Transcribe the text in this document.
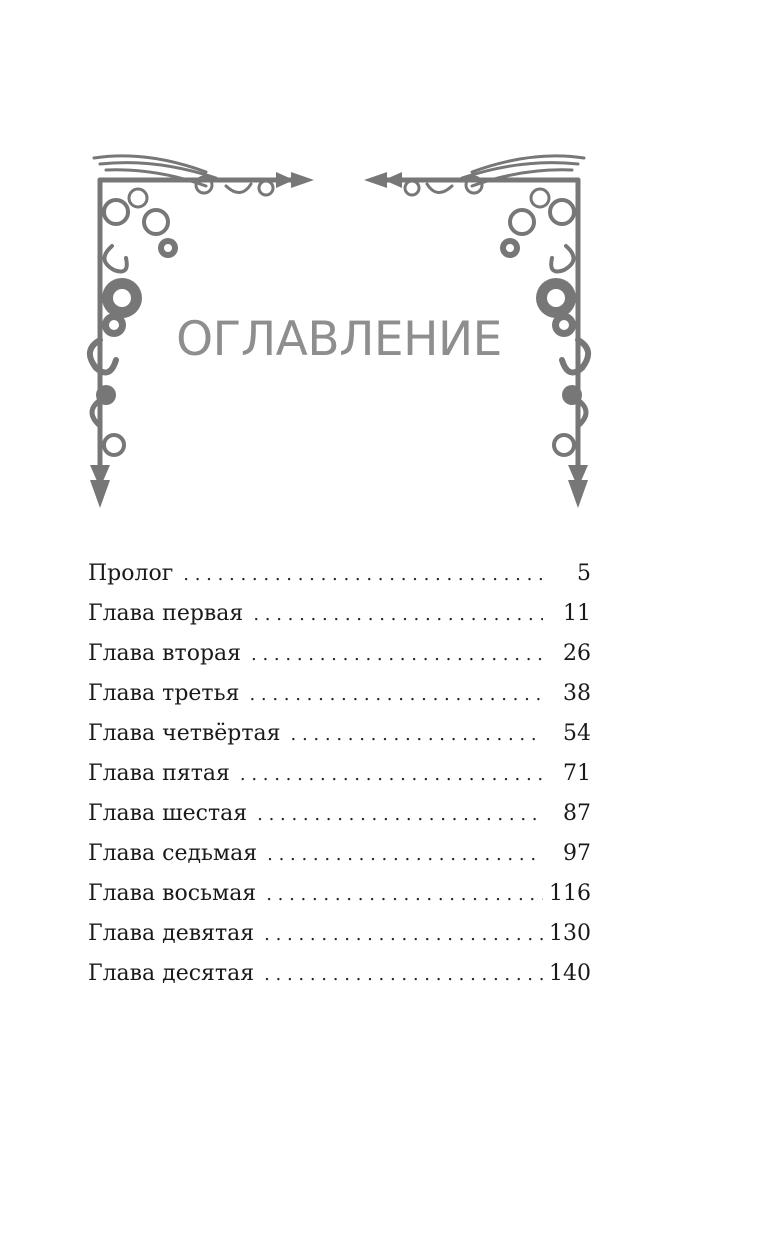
ОГЛАВЛЕНИЕ
Пролог . . .	5
Глава первая . . .	11
Глава вторая . . .	26
Глава третья . . .	38
Глава четвёртая . . .	54
Глава пятая . . .	71
Глава шестая . . .	87
Глава седьмая . . .	97
Глава восьмая . . .	116
Глава девятая . . .	130
Глава десятая . . .	140
